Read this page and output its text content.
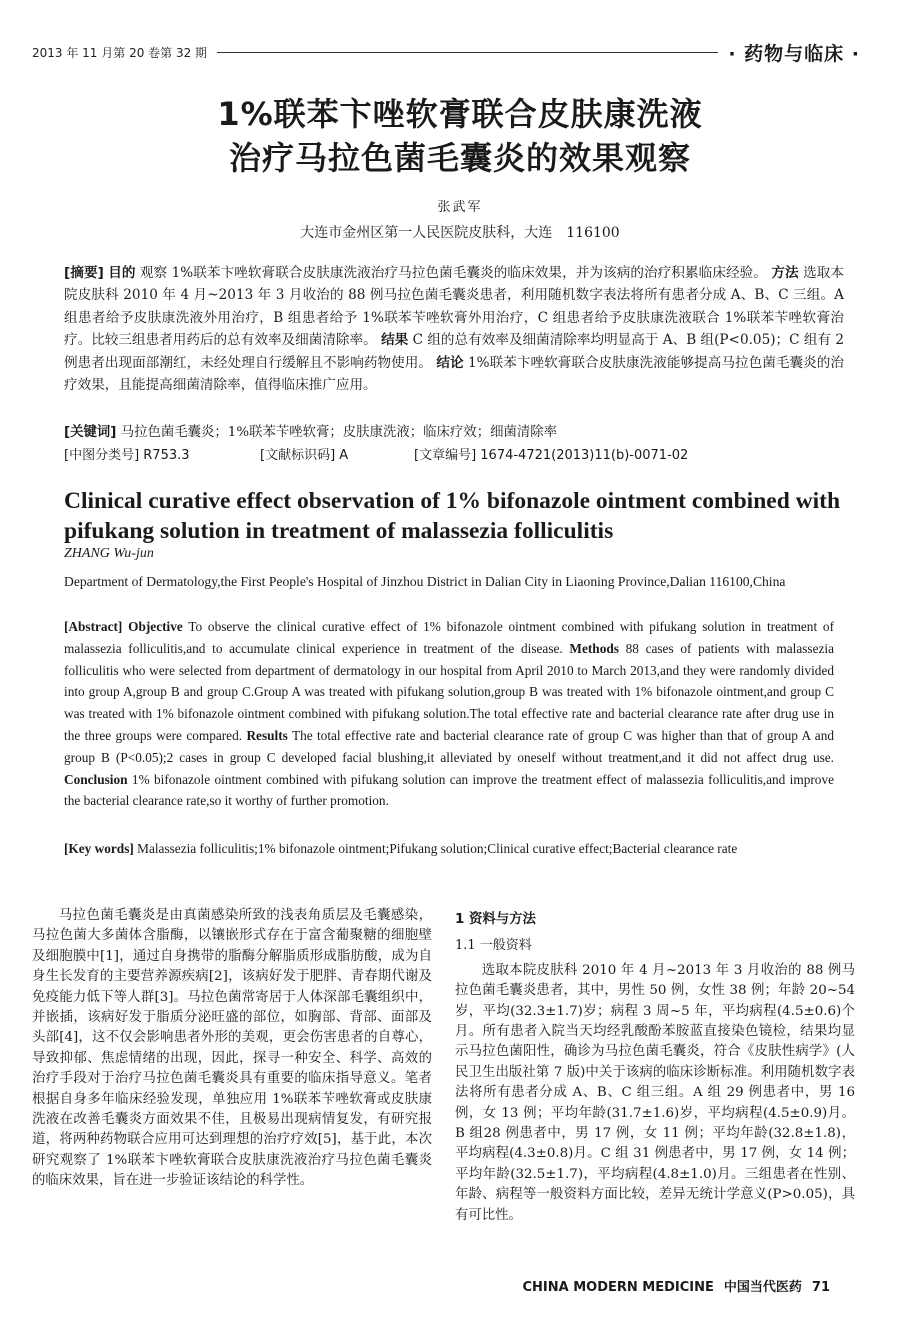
2013 年 11 月第 20 卷第 32 期	· 药物与临床 ·
1%联苯卞唑软膏联合皮肤康洗液
治疗马拉色菌毛囊炎的效果观察
张武军
大连市金州区第一人民医院皮肤科，大连　116100
[摘要] 目的 观察 1%联苯卞唑软膏联合皮肤康洗液治疗马拉色菌毛囊炎的临床效果，并为该病的治疗积累临床经验。 方法 选取本院皮肤科 2010 年 4 月~2013 年 3 月收治的 88 例马拉色菌毛囊炎患者，利用随机数字表法将所有患者分成 A、B、C 三组。A 组患者给予皮肤康洗液外用治疗，B 组患者给予 1%联苯苄唑软膏外用治疗，C 组患者给予皮肤康洗液联合 1%联苯苄唑软膏治疗。比较三组患者用药后的总有效率及细菌清除率。 结果 C 组的总有效率及细菌清除率均明显高于 A、B 组(P<0.05)；C 组有 2 例患者出现面部潮红，未经处理自行缓解且不影响药物使用。 结论 1%联苯卞唑软膏联合皮肤康洗液能够提高马拉色菌毛囊炎的治疗效果，且能提高细菌清除率，值得临床推广应用。
[关键词] 马拉色菌毛囊炎；1%联苯苄唑软膏；皮肤康洗液；临床疗效；细菌清除率
[中图分类号] R753.3	[文献标识码] A	[文章编号] 1674-4721(2013)11(b)-0071-02
Clinical curative effect observation of 1% bifonazole ointment combined with pifukang solution in treatment of malassezia folliculitis
ZHANG Wu-jun
Department of Dermatology,the First People's Hospital of Jinzhou District in Dalian City in Liaoning Province,Dalian 116100,China
[Abstract] Objective To observe the clinical curative effect of 1% bifonazole ointment combined with pifukang solution in treatment of malassezia folliculitis,and to accumulate clinical experience in treatment of the disease. Methods 88 cases of patients with malassezia folliculitis who were selected from department of dermatology in our hospital from April 2010 to March 2013,and they were randomly divided into group A,group B and group C.Group A was treated with pifukang solution,group B was treated with 1% bifonazole ointment,and group C was treated with 1% bifonazole ointment combined with pifukang solution.The total effective rate and bacterial clearance rate after drug use in the three groups were compared. Results The total effective rate and bacterial clearance rate of group C was higher than that of group A and group B (P<0.05);2 cases in group C developed facial blushing,it alleviated by oneself without treatment,and it did not affect drug use. Conclusion 1% bifonazole ointment combined with pifukang solution can improve the treatment effect of malassezia folliculitis,and improve the bacterial clearance rate,so it worthy of further promotion.
[Key words] Malassezia folliculitis;1% bifonazole ointment;Pifukang solution;Clinical curative effect;Bacterial clearance rate

马拉色菌毛囊炎是由真菌感染所致的浅表角质层及毛囊感染，马拉色菌大多菌体含脂酶，以镶嵌形式存在于富含葡聚糖的细胞壁及细胞膜中[1]，通过自身携带的脂酶分解脂质形成脂肪酸，成为自身生长发育的主要营养源疾病[2]，该病好发于肥胖、青春期代谢及免疫能力低下等人群[3]。马拉色菌常寄居于人体深部毛囊组织中，并嵌插，该病好发于脂质分泌旺盛的部位，如胸部、背部、面部及头部[4]，这不仅会影响患者外形的美观，更会伤害患者的自尊心，导致抑郁、焦虑情绪的出现，因此，探寻一种安全、科学、高效的治疗手段对于治疗马拉色菌毛囊炎具有重要的临床指导意义。笔者根据自身多年临床经验发现，单独应用 1%联苯苄唑软膏或皮肤康洗液在改善毛囊炎方面效果不佳，且极易出现病情复发，有研究报道，将两种药物联合应用可达到理想的治疗疗效[5]，基于此，本次研究观察了 1%联苯卞唑软膏联合皮肤康洗液治疗马拉色菌毛囊炎的临床效果，旨在进一步验证该结论的科学性。

1 资料与方法
1.1 一般资料

选取本院皮肤科 2010 年 4 月~2013 年 3 月收治的 88 例马拉色菌毛囊炎患者，其中，男性 50 例，女性 38 例；年龄 20~54 岁，平均(32.3±1.7)岁；病程 3 周~5 年，平均病程(4.5±0.6)个月。所有患者入院当天均经乳酸酚苯胺蓝直接染色镜检，结果均显示马拉色菌阳性，确诊为马拉色菌毛囊炎，符合《皮肤性病学》(人民卫生出版社第 7 版)中关于该病的临床诊断标准。利用随机数字表法将所有患者分成 A、B、C 组三组。A 组 29 例患者中，男 16例，女 13 例；平均年龄(31.7±1.6)岁，平均病程(4.5±0.9)月。B 组28 例患者中，男 17 例，女 11 例；平均年龄(32.8±1.8)，平均病程(4.3±0.8)月。C 组 31 例患者中，男 17 例，女 14 例；平均年龄(32.5±1.7)，平均病程(4.8±1.0)月。三组患者在性别、年龄、病程等一般资料方面比较，差异无统计学意义(P>0.05)，具有可比性。

CHINA MODERN MEDICINE 中国当代医药 71
